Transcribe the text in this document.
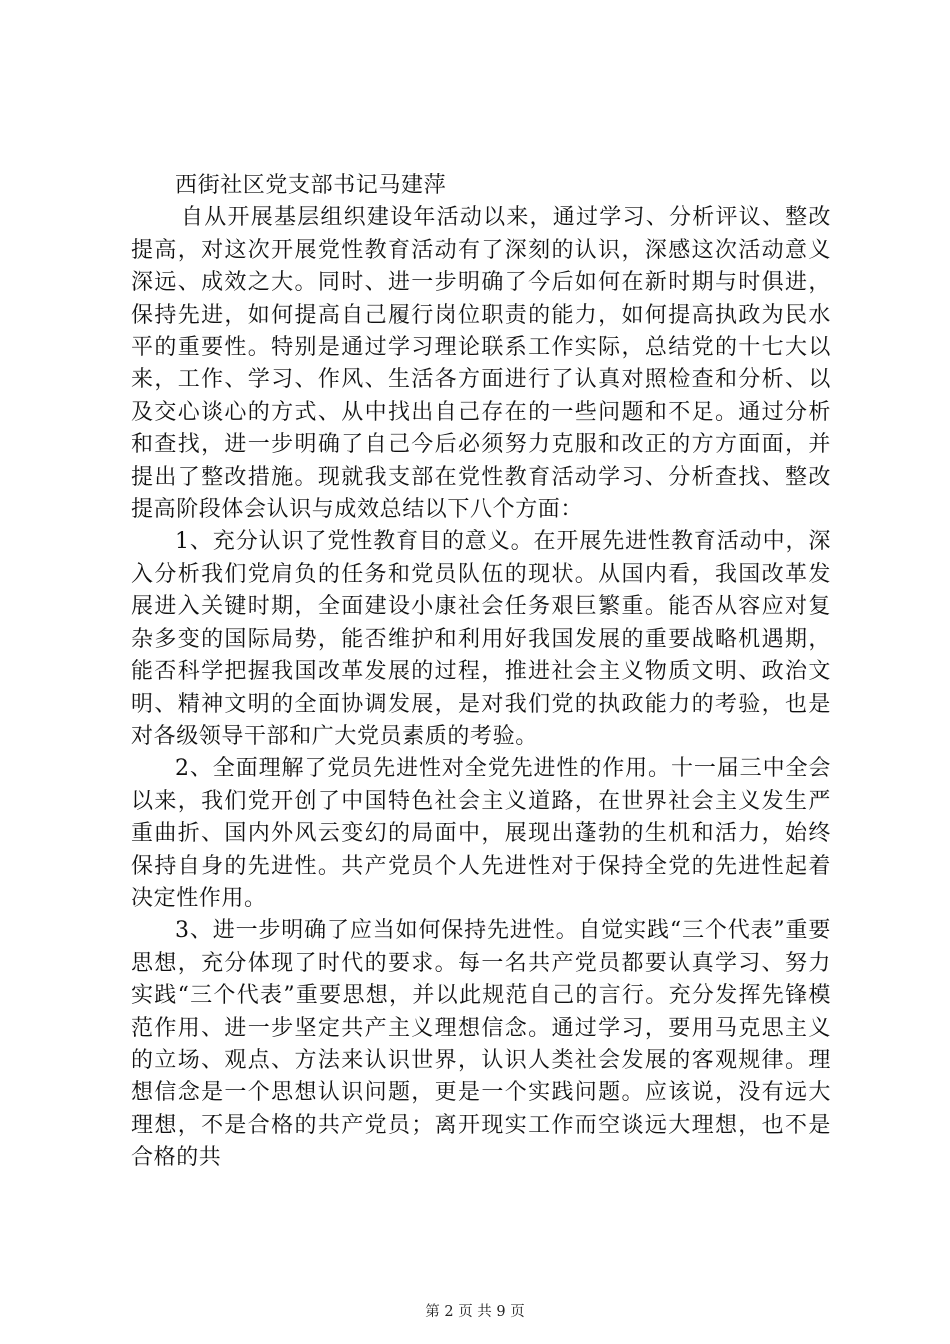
西街社区党支部书记马建萍

自从开展基层组织建设年活动以来，通过学习、分析评议、整改提高，对这次开展党性教育活动有了深刻的认识，深感这次活动意义深远、成效之大。同时、进一步明确了今后如何在新时期与时俱进，保持先进，如何提高自己履行岗位职责的能力，如何提高执政为民水平的重要性。特别是通过学习理论联系工作实际，总结党的十七大以来，工作、学习、作风、生活各方面进行了认真对照检查和分析、以及交心谈心的方式、从中找出自己存在的一些问题和不足。通过分析和查找，进一步明确了自己今后必须努力克服和改正的方方面面，并提出了整改措施。现就我支部在党性教育活动学习、分析查找、整改提高阶段体会认识与成效总结以下八个方面：

1、充分认识了党性教育目的意义。在开展先进性教育活动中，深入分析我们党肩负的任务和党员队伍的现状。从国内看，我国改革发展进入关键时期，全面建设小康社会任务艰巨繁重。能否从容应对复杂多变的国际局势，能否维护和利用好我国发展的重要战略机遇期，能否科学把握我国改革发展的过程，推进社会主义物质文明、政治文明、精神文明的全面协调发展，是对我们党的执政能力的考验，也是对各级领导干部和广大党员素质的考验。

2、全面理解了党员先进性对全党先进性的作用。十一届三中全会以来，我们党开创了中国特色社会主义道路，在世界社会主义发生严重曲折、国内外风云变幻的局面中，展现出蓬勃的生机和活力，始终保持自身的先进性。共产党员个人先进性对于保持全党的先进性起着决定性作用。

3、进一步明确了应当如何保持先进性。自觉实践“三个代表”重要思想，充分体现了时代的要求。每一名共产党员都要认真学习、努力实践“三个代表”重要思想，并以此规范自己的言行。充分发挥先锋模范作用、进一步坚定共产主义理想信念。通过学习，要用马克思主义的立场、观点、方法来认识世界，认识人类社会发展的客观规律。理想信念是一个思想认识问题，更是一个实践问题。应该说，没有远大理想，不是合格的共产党员；离开现实工作而空谈远大理想，也不是合格的共

第 2 页 共 9 页
